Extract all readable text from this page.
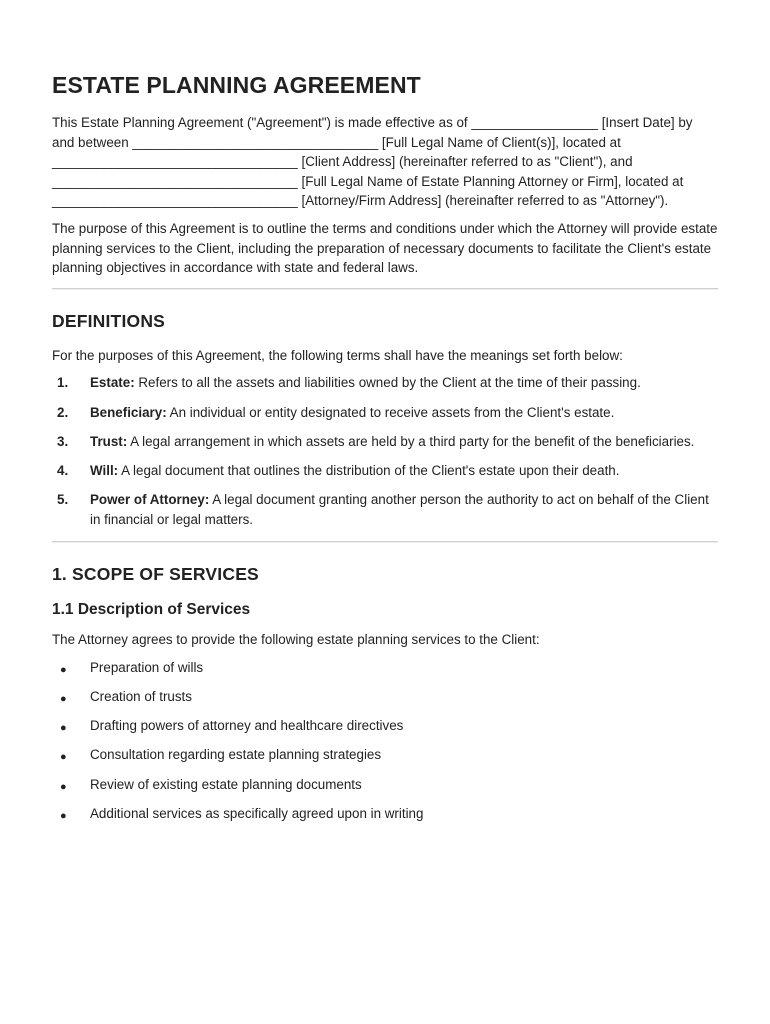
ESTATE PLANNING AGREEMENT

This Estate Planning Agreement ("Agreement") is made effective as of _________________ [Insert Date] by and between _________________________________ [Full Legal Name of Client(s)], located at _________________________________ [Client Address] (hereinafter referred to as "Client"), and _________________________________ [Full Legal Name of Estate Planning Attorney or Firm], located at _________________________________ [Attorney/Firm Address] (hereinafter referred to as "Attorney").

The purpose of this Agreement is to outline the terms and conditions under which the Attorney will provide estate planning services to the Client, including the preparation of necessary documents to facilitate the Client's estate planning objectives in accordance with state and federal laws.

DEFINITIONS

For the purposes of this Agreement, the following terms shall have the meanings set forth below:

1. Estate: Refers to all the assets and liabilities owned by the Client at the time of their passing.
2. Beneficiary: An individual or entity designated to receive assets from the Client's estate.
3. Trust: A legal arrangement in which assets are held by a third party for the benefit of the beneficiaries.
4. Will: A legal document that outlines the distribution of the Client's estate upon their death.
5. Power of Attorney: A legal document granting another person the authority to act on behalf of the Client in financial or legal matters.
1. SCOPE OF SERVICES
1.1 Description of Services

The Attorney agrees to provide the following estate planning services to the Client:

● Preparation of wills
● Creation of trusts
● Drafting powers of attorney and healthcare directives
● Consultation regarding estate planning strategies
● Review of existing estate planning documents
● Additional services as specifically agreed upon in writing
